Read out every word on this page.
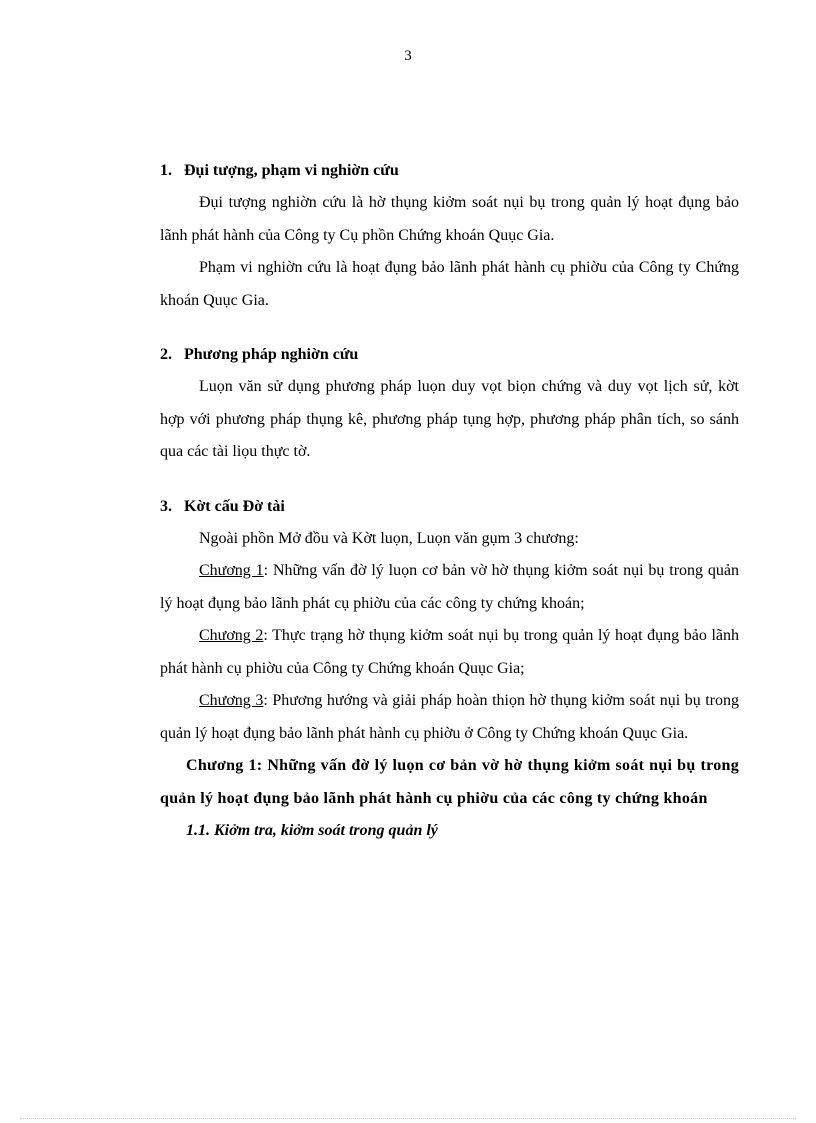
3

1. Đụi tượng, phạm vi nghiờn cứu

Đụi tượng nghiờn cứu là hờ thụng kiởm soát nụi bụ trong quản lý hoạt đụng bảo lãnh phát hành của Công ty Cụ phồn Chứng khoán Quục Gia.

Phạm vi nghiờn cứu là hoạt đụng bảo lãnh phát hành cụ phiờu của Công ty Chứng khoán Quục Gia.

2. Phương pháp nghiờn cứu

Luọn văn sử dụng phương pháp luọn duy vọt biọn chứng và duy vọt lịch sử, kờt hợp với phương pháp thụng kê, phương pháp tụng hợp, phương pháp phân tích, so sánh qua các tài liọu thực tờ.

3. Kờt cấu Đờ tài

Ngoài phồn Mở đồu và Kờt luọn, Luọn văn gụm 3 chương:

Chương 1: Những vấn đờ lý luọn cơ bản vờ hờ thụng kiởm soát nụi bụ trong quản lý hoạt đụng bảo lãnh phát cụ phiờu của các công ty chứng khoán;

Chương 2: Thực trạng hờ thụng kiởm soát nụi bụ trong quản lý hoạt đụng bảo lãnh phát hành cụ phiờu của Công ty Chứng khoán Quục Gia;

Chương 3: Phương hướng và giải pháp hoàn thiọn hờ thụng kiởm soát nụi bụ trong quản lý hoạt đụng bảo lãnh phát hành cụ phiờu ở Công ty Chứng khoán Quục Gia.

Chương 1: Những vấn đờ lý luọn cơ bản vờ hờ thụng kiởm soát nụi bụ trong quản lý hoạt đụng bảo lãnh phát hành cụ phiờu của các công ty chứng khoán

1.1. Kiởm tra, kiởm soát trong quản lý
